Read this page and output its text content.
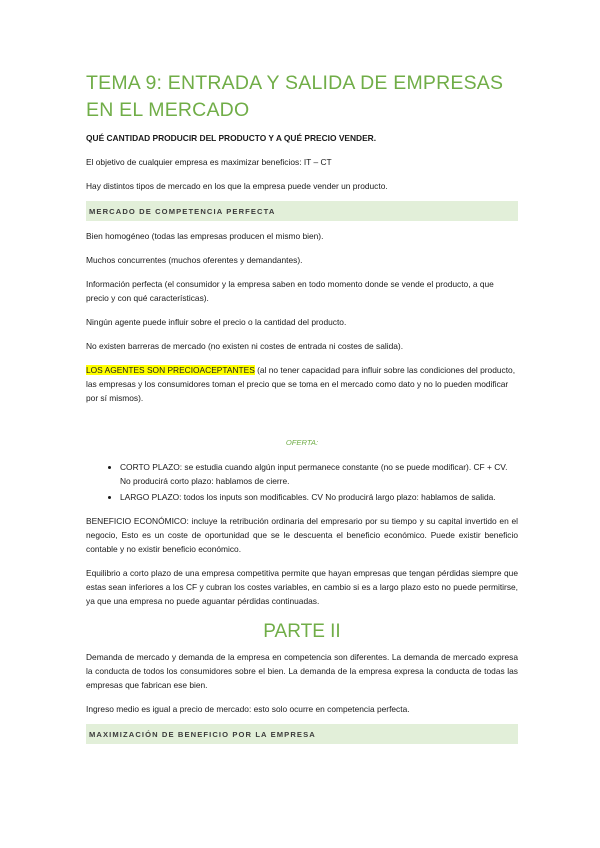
TEMA 9: ENTRADA Y SALIDA DE EMPRESAS EN EL MERCADO

QUÉ CANTIDAD PRODUCIR DEL PRODUCTO Y A QUÉ PRECIO VENDER.

El objetivo de cualquier empresa es maximizar beneficios: IT – CT

Hay distintos tipos de mercado en los que la empresa puede vender un producto.

MERCADO DE COMPETENCIA PERFECTA

Bien homogéneo (todas las empresas producen el mismo bien).

Muchos concurrentes (muchos oferentes y demandantes).

Información perfecta (el consumidor y la empresa saben en todo momento donde se vende el producto, a que precio y con qué características).

Ningún agente puede influir sobre el precio o la cantidad del producto.

No existen barreras de mercado (no existen ni costes de entrada ni costes de salida).

LOS AGENTES SON PRECIOACEPTANTES (al no tener capacidad para influir sobre las condiciones del producto, las empresas y los consumidores toman el precio que se toma en el mercado como dato y no lo pueden modificar por sí mismos).

OFERTA:
• CORTO PLAZO: se estudia cuando algún input permanece constante (no se puede modificar). CF + CV. No producirá corto plazo: hablamos de cierre.
• LARGO PLAZO: todos los inputs son modificables. CV No producirá largo plazo: hablamos de salida.

BENEFICIO ECONÓMICO: incluye la retribución ordinaria del empresario por su tiempo y su capital invertido en el negocio, Esto es un coste de oportunidad que se le descuenta el beneficio económico. Puede existir beneficio contable y no existir beneficio económico.

Equilibrio a corto plazo de una empresa competitiva permite que hayan empresas que tengan pérdidas siempre que estas sean inferiores a los CF y cubran los costes variables, en cambio si es a largo plazo esto no puede permitirse, ya que una empresa no puede aguantar pérdidas continuadas.

PARTE II

Demanda de mercado y demanda de la empresa en competencia son diferentes. La demanda de mercado expresa la conducta de todos los consumidores sobre el bien. La demanda de la empresa expresa la conducta de todas las empresas que fabrican ese bien.

Ingreso medio es igual a precio de mercado: esto solo ocurre en competencia perfecta.

MAXIMIZACIÓN DE BENEFICIO POR LA EMPRESA
